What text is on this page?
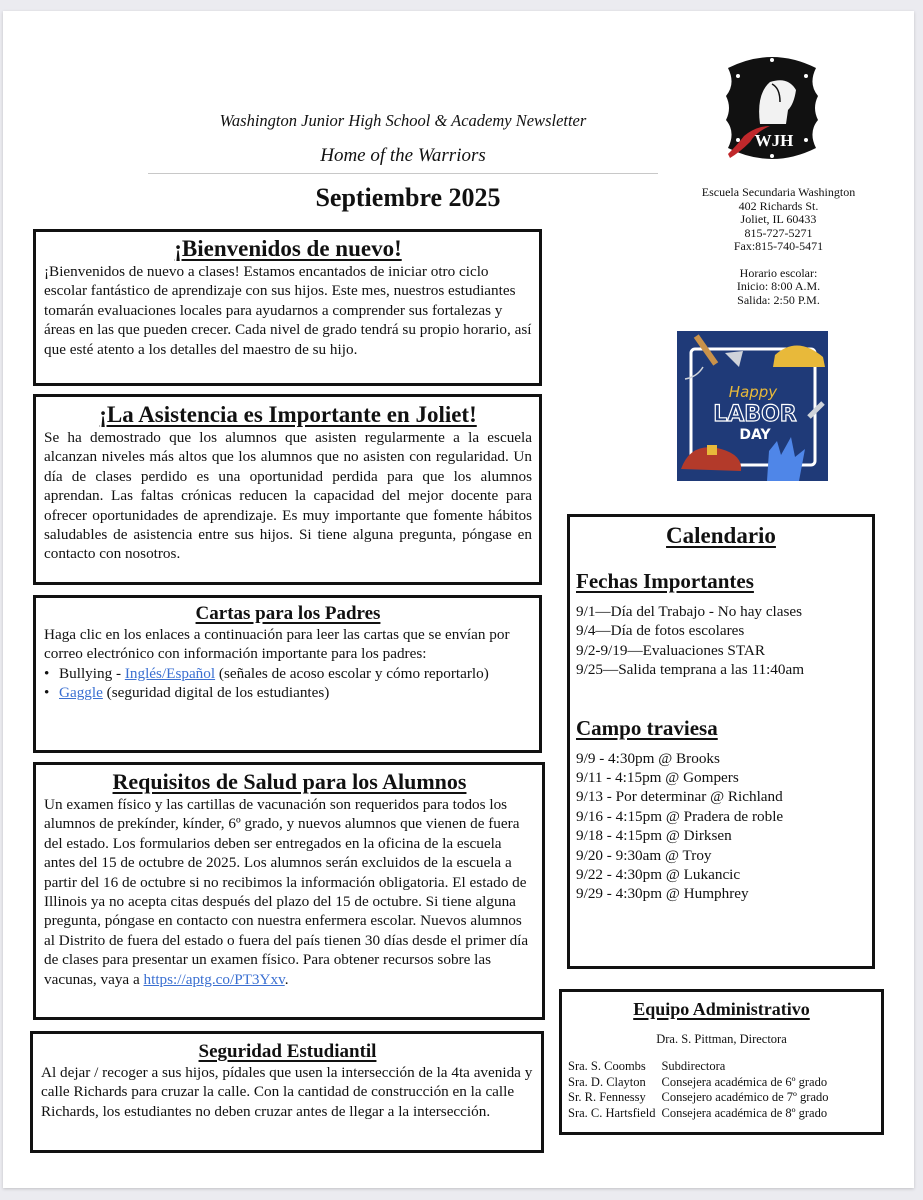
Washington Junior High School & Academy Newsletter
Home of the Warriors
Septiembre 2025
WJH
Escuela Secundaria Washington
402 Richards St.
Joliet, IL 60433
815-727-5271
Fax:815-740-5471
Horario escolar:
Inicio: 8:00 A.M.
Salida: 2:50 P.M.
Happy
LABOR
DAY
¡Bienvenidos de nuevo!

¡Bienvenidos de nuevo a clases! Estamos encantados de iniciar otro ciclo escolar fantástico de aprendizaje con sus hijos. Este mes, nuestros estudiantes tomarán evaluaciones locales para ayudarnos a comprender sus fortalezas y áreas en las que pueden crecer. Cada nivel de grado tendrá su propio horario, así que esté atento a los detalles del maestro de su hijo.

¡La Asistencia es Importante en Joliet!

Se ha demostrado que los alumnos que asisten regularmente a la escuela alcanzan niveles más altos que los alumnos que no asisten con regularidad. Un día de clases perdido es una oportunidad perdida para que los alumnos aprendan. Las faltas crónicas reducen la capacidad del mejor docente para ofrecer oportunidades de aprendizaje. Es muy importante que fomente hábitos saludables de asistencia entre sus hijos. Si tiene alguna pregunta, póngase en contacto con nosotros.

Cartas para los Padres

Haga clic en los enlaces a continuación para leer las cartas que se envían por correo electrónico con información importante para los padres:

• Bullying - Inglés/Español (señales de acoso escolar y cómo reportarlo)
• Gaggle (seguridad digital de los estudiantes)
Requisitos de Salud para los Alumnos

Un examen físico y las cartillas de vacunación son requeridos para todos los alumnos de prekínder, kínder, 6º grado, y nuevos alumnos que vienen de fuera del estado. Los formularios deben ser entregados en la oficina de la escuela antes del 15 de octubre de 2025. Los alumnos serán excluidos de la escuela a partir del 16 de octubre si no recibimos la información obligatoria. El estado de Illinois ya no acepta citas después del plazo del 15 de octubre. Si tiene alguna pregunta, póngase en contacto con nuestra enfermera escolar. Nuevos alumnos al Distrito de fuera del estado o fuera del país tienen 30 días desde el primer día de clases para presentar un examen físico. Para obtener recursos sobre las vacunas, vaya a https://aptg.co/PT3Yxv.

Seguridad Estudiantil

Al dejar / recoger a sus hijos, pídales que usen la intersección de la 4ta avenida y calle Richards para cruzar la calle. Con la cantidad de construcción en la calle Richards, los estudiantes no deben cruzar antes de llegar a la intersección.

Calendario
Fechas Importantes
9/1—Día del Trabajo - No hay clases
9/4—Día de fotos escolares
9/2-9/19—Evaluaciones STAR
9/25—Salida temprana a las 11:40am
Campo traviesa
9/9 - 4:30pm @ Brooks
9/11 - 4:15pm @ Gompers
9/13 - Por determinar @ Richland
9/16 - 4:15pm @ Pradera de roble
9/18 - 4:15pm @ Dirksen
9/20 - 9:30am @ Troy
9/22 - 4:30pm @ Lukancic
9/29 - 4:30pm @ Humphrey
Equipo Administrativo
Dra. S. Pittman, Directora
Sra. S. Coombs	Subdirectora
Sra. D. Clayton	Consejera académica de 6º grado
Sr. R. Fennessy	Consejero académico de 7º grado
Sra. C. Hartsfield	Consejera académica de 8º grado
